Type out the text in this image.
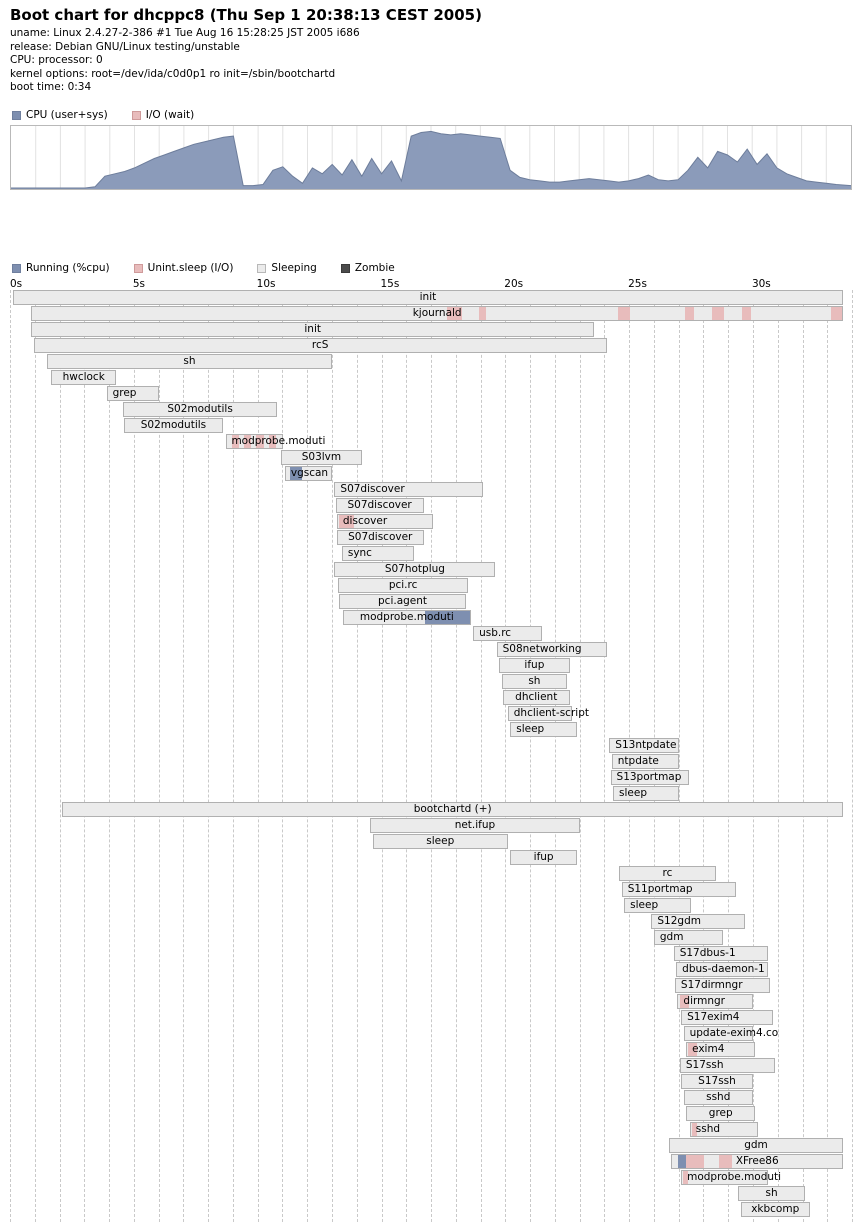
Boot chart for dhcppc8 (Thu Sep 1 20:38:13 CEST 2005)
uname: Linux 2.4.27-2-386 #1 Tue Aug 16 15:28:25 JST 2005 i686
release: Debian GNU/Linux testing/unstable
CPU: processor: 0
kernel options: root=/dev/ida/c0d0p1 ro init=/sbin/bootchartd
boot time: 0:34
CPU (user+sys)	I/O (wait)
Running (%cpu)	Unint.sleep (I/O)	Sleeping	Zombie
0s	5s	10s	15s	20s	25s	30s
init
kjournald
init
rcS
sh
hwclock
grep
S02modutils
S02modutils
modprobe.moduti
S03lvm
vgscan
S07discover
S07discover
discover
S07discover
sync
S07hotplug
pci.rc
pci.agent
modprobe.moduti
usb.rc
S08networking
ifup
sh
dhclient
dhclient-script
sleep
S13ntpdate
ntpdate
S13portmap
sleep
bootchartd (+)
net.ifup
sleep
ifup
rc
S11portmap
sleep
S12gdm
gdm
S17dbus-1
dbus-daemon-1
S17dirmngr
dirmngr
S17exim4
update-exim4.co
exim4
S17ssh
S17ssh
sshd
grep
sshd
gdm
XFree86
modprobe.moduti
sh
xkbcomp
